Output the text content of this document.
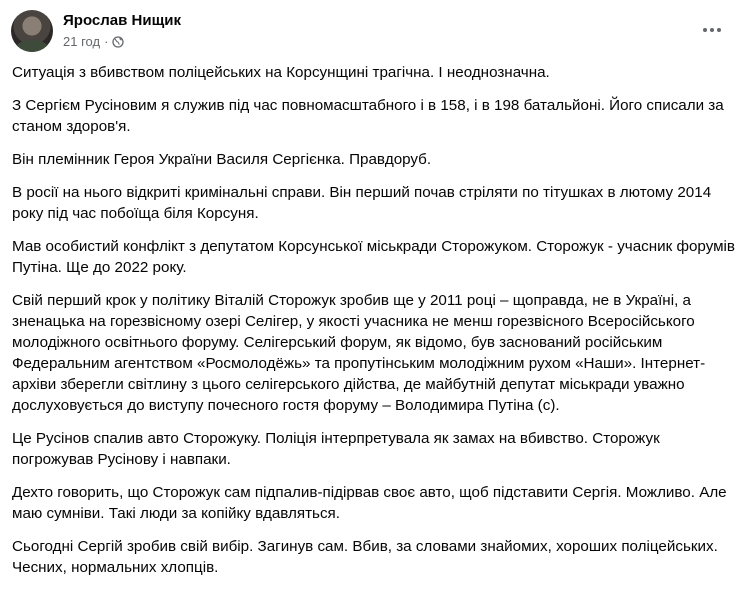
Ярослав Нищик
21 год ·

Ситуація з вбивством поліцейських на Корсунщині трагічна. І неоднозначна.

З Сергієм Русіновим я служив під час повномасштабного і в 158, і в 198 батальйоні. Його списали за станом здоров'я.

Він племінник Героя України Василя Сергієнка. Правдоруб.

В росії на нього відкриті кримінальні справи. Він перший почав стріляти по тітушках в лютому 2014 року під час побоїща біля Корсуня.

Мав особистий конфлікт з депутатом Корсунської міськради Сторожуком. Сторожук - учасник форумів Путіна. Ще до 2022 року.

Свій перший крок у політику Віталій Сторожук зробив ще у 2011 році – щоправда, не в Україні, а зненацька на горезвісному озері Селігер, у якості учасника не менш горезвісного Всеросійського молодіжного освітнього форуму. Селігерський форум, як відомо, був заснований російським Федеральним агентством «Росмолодёжь» та пропутінським молодіжним рухом «Наши». Інтернет-архіви зберегли світлину з цього селігерського дійства, де майбутній депутат міськради уважно дослуховується до виступу почесного гостя форуму – Володимира Путіна (с).

Це Русінов спалив авто Сторожуку. Поліція інтерпретувала як замах на вбивство. Сторожук погрожував Русінову і навпаки.

Дехто говорить, що Сторожук сам підпалив-підірвав своє авто, щоб підставити Сергія. Можливо. Але маю сумніви. Такі люди за копійку вдавляться.

Сьогодні Сергій зробив свій вибір. Загинув сам. Вбив, за словами знайомих, хороших поліцейських. Чесних, нормальних хлопців.
